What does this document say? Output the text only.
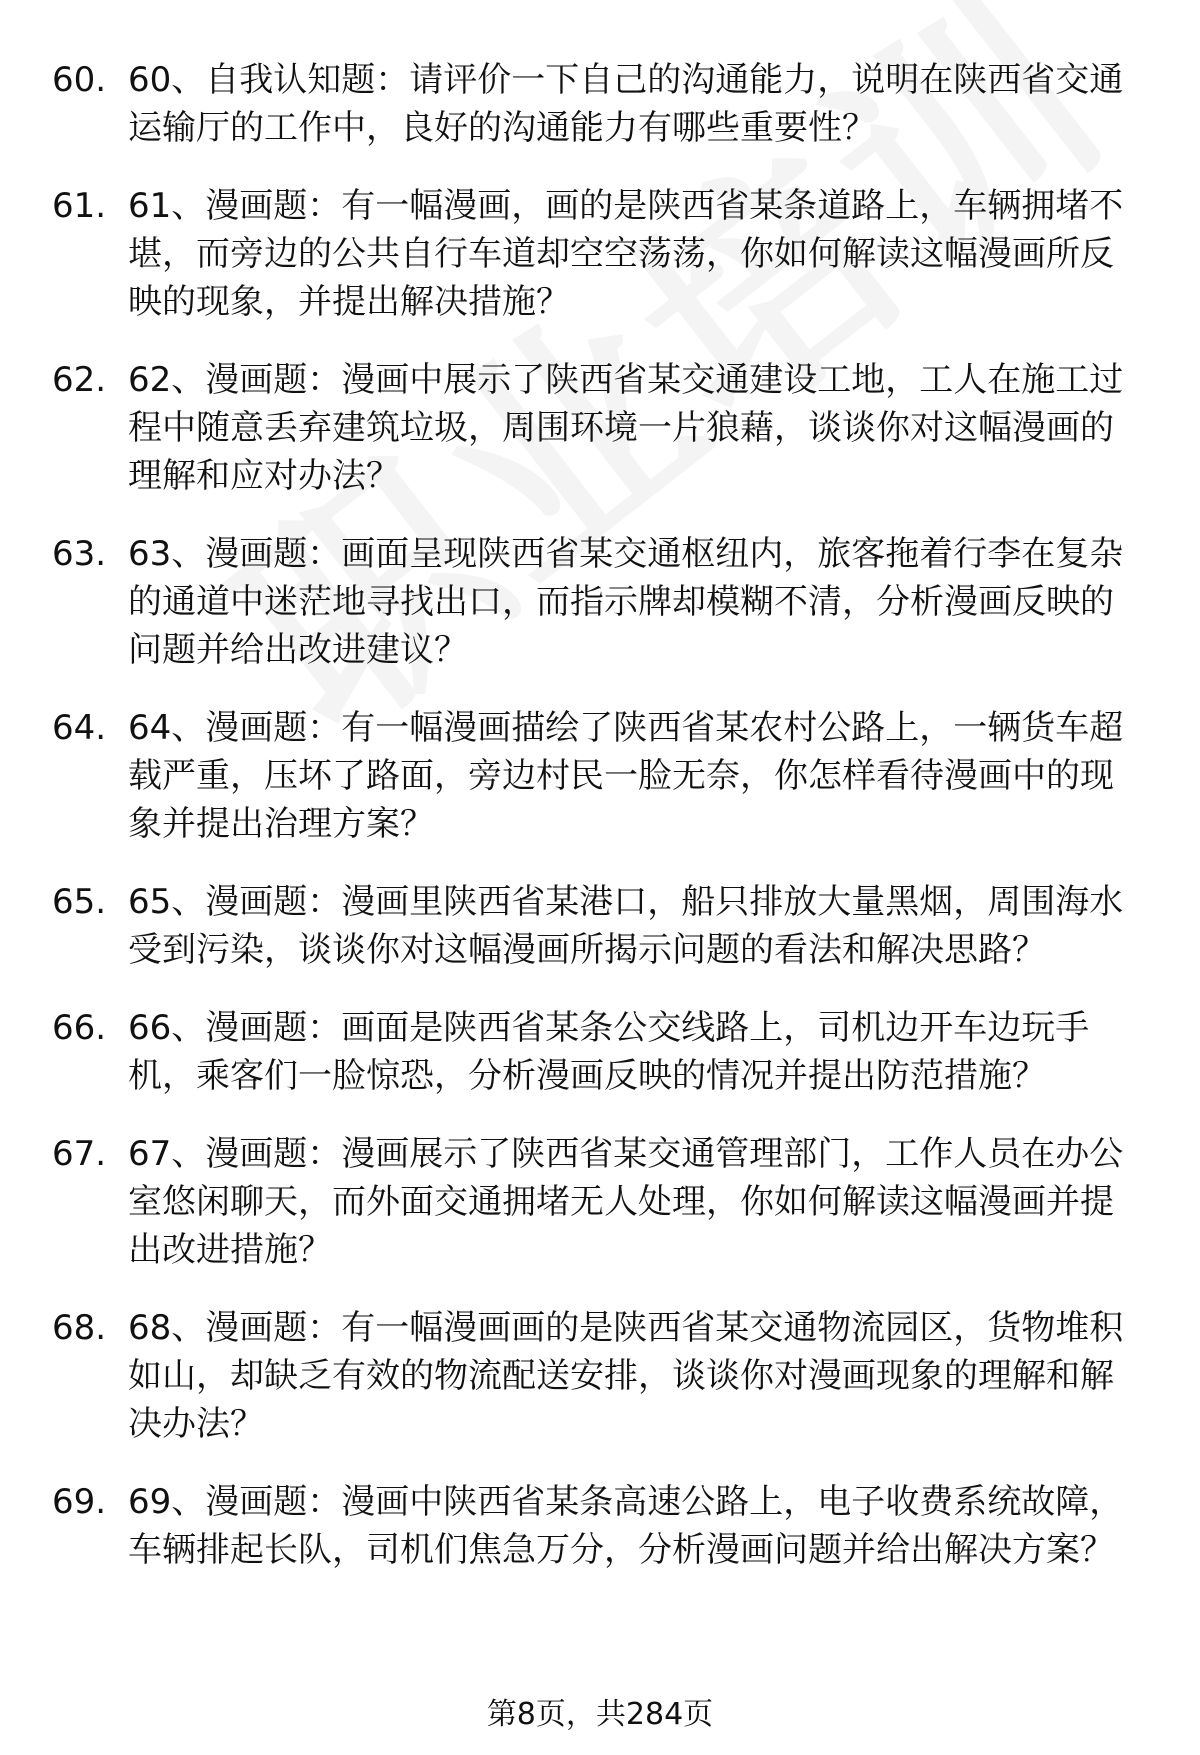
60. 60、自我认知题：请评价一下自己的沟通能力，说明在陕西省交通运输厅的工作中，良好的沟通能力有哪些重要性？
61. 61、漫画题：有一幅漫画，画的是陕西省某条道路上，车辆拥堵不堪，而旁边的公共自行车道却空空荡荡，你如何解读这幅漫画所反映的现象，并提出解决措施？
62. 62、漫画题：漫画中展示了陕西省某交通建设工地，工人在施工过程中随意丢弃建筑垃圾，周围环境一片狼藉，谈谈你对这幅漫画的理解和应对办法？
63. 63、漫画题：画面呈现陕西省某交通枢纽内，旅客拖着行李在复杂的通道中迷茫地寻找出口，而指示牌却模糊不清，分析漫画反映的问题并给出改进建议？
64. 64、漫画题：有一幅漫画描绘了陕西省某农村公路上，一辆货车超载严重，压坏了路面，旁边村民一脸无奈，你怎样看待漫画中的现象并提出治理方案？
65. 65、漫画题：漫画里陕西省某港口，船只排放大量黑烟，周围海水受到污染，谈谈你对这幅漫画所揭示问题的看法和解决思路？
66. 66、漫画题：画面是陕西省某条公交线路上，司机边开车边玩手机，乘客们一脸惊恐，分析漫画反映的情况并提出防范措施？
67. 67、漫画题：漫画展示了陕西省某交通管理部门，工作人员在办公室悠闲聊天，而外面交通拥堵无人处理，你如何解读这幅漫画并提出改进措施？
68. 68、漫画题：有一幅漫画画的是陕西省某交通物流园区，货物堆积如山，却缺乏有效的物流配送安排，谈谈你对漫画现象的理解和解决办法？
69. 69、漫画题：漫画中陕西省某条高速公路上，电子收费系统故障，车辆排起长队，司机们焦急万分，分析漫画问题并给出解决方案？
第8页，共284页
